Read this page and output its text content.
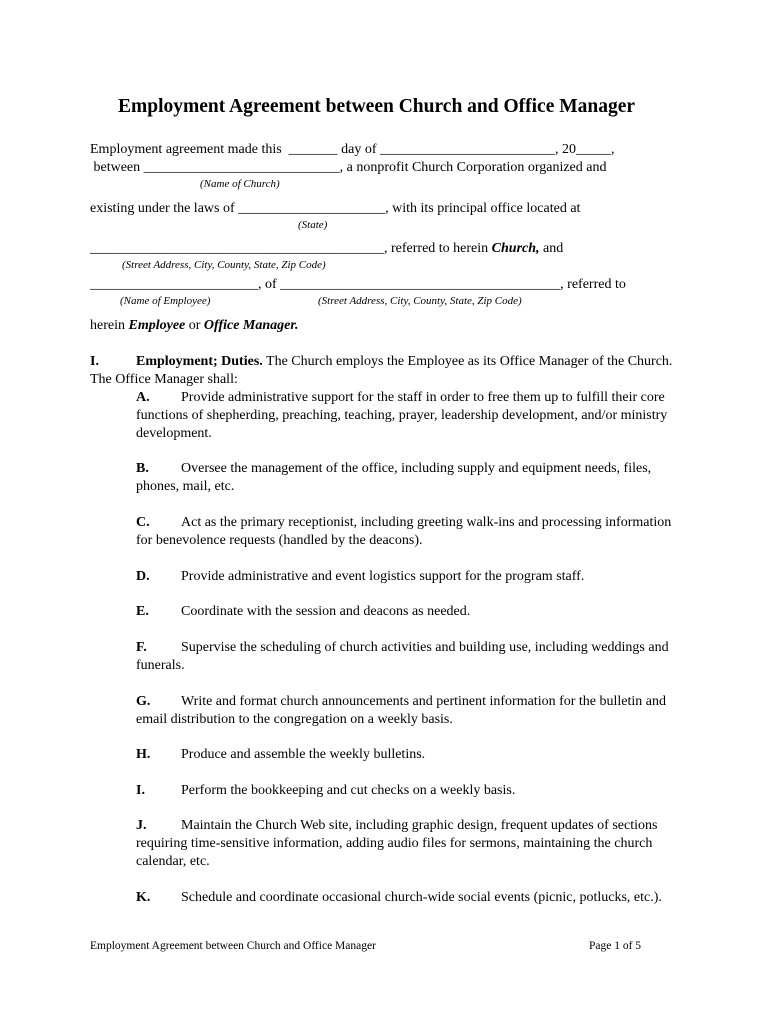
Employment Agreement between Church and Office Manager
Employment agreement made this  _______ day of _________________________, 20_____,
between ____________________________, a nonprofit Church Corporation organized and
(Name of Church)
existing under the laws of _____________________, with its principal office located at
(State)
__________________________________________, referred to herein Church, and
(Street Address, City, County, State, Zip Code)
________________________, of ________________________________________, referred to
(Name of Employee)	(Street Address, City, County, State, Zip Code)
herein Employee or Office Manager.
I.	Employment; Duties. The Church employs the Employee as its Office Manager of the Church. The Office Manager shall:
A. Provide administrative support for the staff in order to free them up to fulfill their core functions of shepherding, preaching, teaching, prayer, leadership development, and/or ministry development.
B. Oversee the management of the office, including supply and equipment needs, files, phones, mail, etc.
C. Act as the primary receptionist, including greeting walk-ins and processing information for benevolence requests (handled by the deacons).
D. Provide administrative and event logistics support for the program staff.
E. Coordinate with the session and deacons as needed.
F. Supervise the scheduling of church activities and building use, including weddings and funerals.
G. Write and format church announcements and pertinent information for the bulletin and email distribution to the congregation on a weekly basis.
H. Produce and assemble the weekly bulletins.
I.	Perform the bookkeeping and cut checks on a weekly basis.
J. Maintain the Church Web site, including graphic design, frequent updates of sections requiring time-sensitive information, adding audio files for sermons, maintaining the church calendar, etc.
K. Schedule and coordinate occasional church-wide social events (picnic, potlucks, etc.).
Employment Agreement between Church and Office Manager	Page 1 of 5
